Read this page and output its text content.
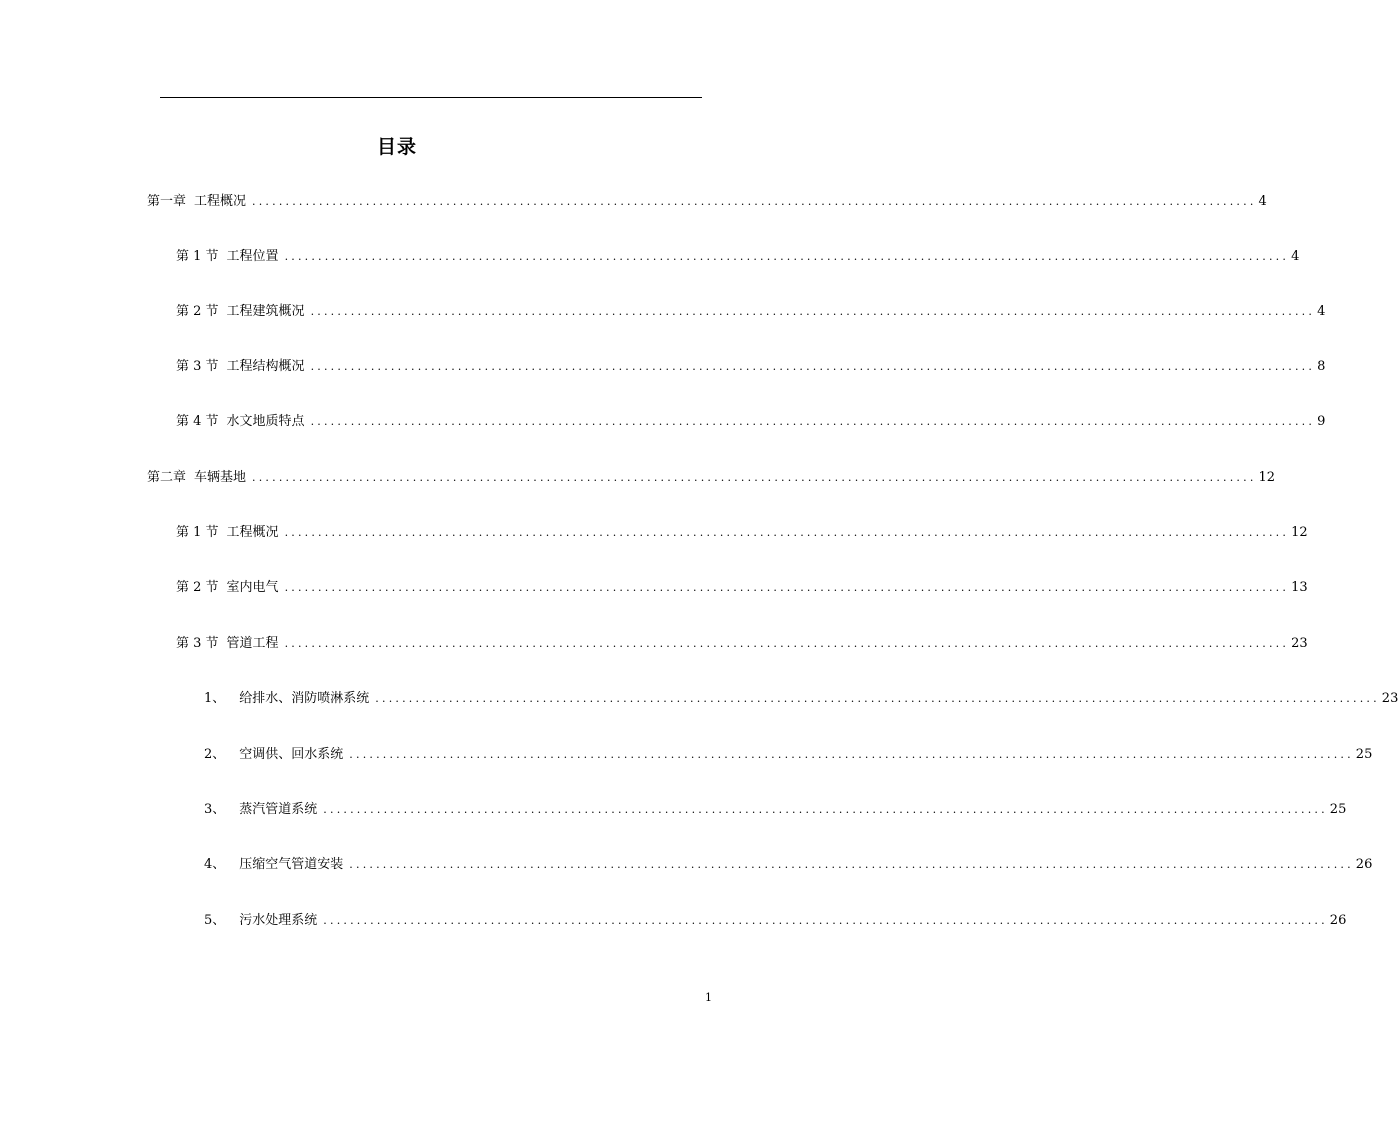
目录
第一章 工程概况 ...................................................................................................................................................... 4
第 1 节 工程位置 ...................................................................................................................................................... 4
第 2 节 工程建筑概况 ...................................................................................................................................................... 4
第 3 节 工程结构概况 ...................................................................................................................................................... 8
第 4 节 水文地质特点 ...................................................................................................................................................... 9
第二章 车辆基地 ...................................................................................................................................................... 12
第 1 节 工程概况 ...................................................................................................................................................... 12
第 2 节 室内电气 ...................................................................................................................................................... 13
第 3 节 管道工程 ...................................................................................................................................................... 23
1、 给排水、消防喷淋系统 ...................................................................................................................................................... 23
2、 空调供、回水系统 ...................................................................................................................................................... 25
3、 蒸汽管道系统 ...................................................................................................................................................... 25
4、 压缩空气管道安装 ...................................................................................................................................................... 26
5、 污水处理系统 ...................................................................................................................................................... 26
1
